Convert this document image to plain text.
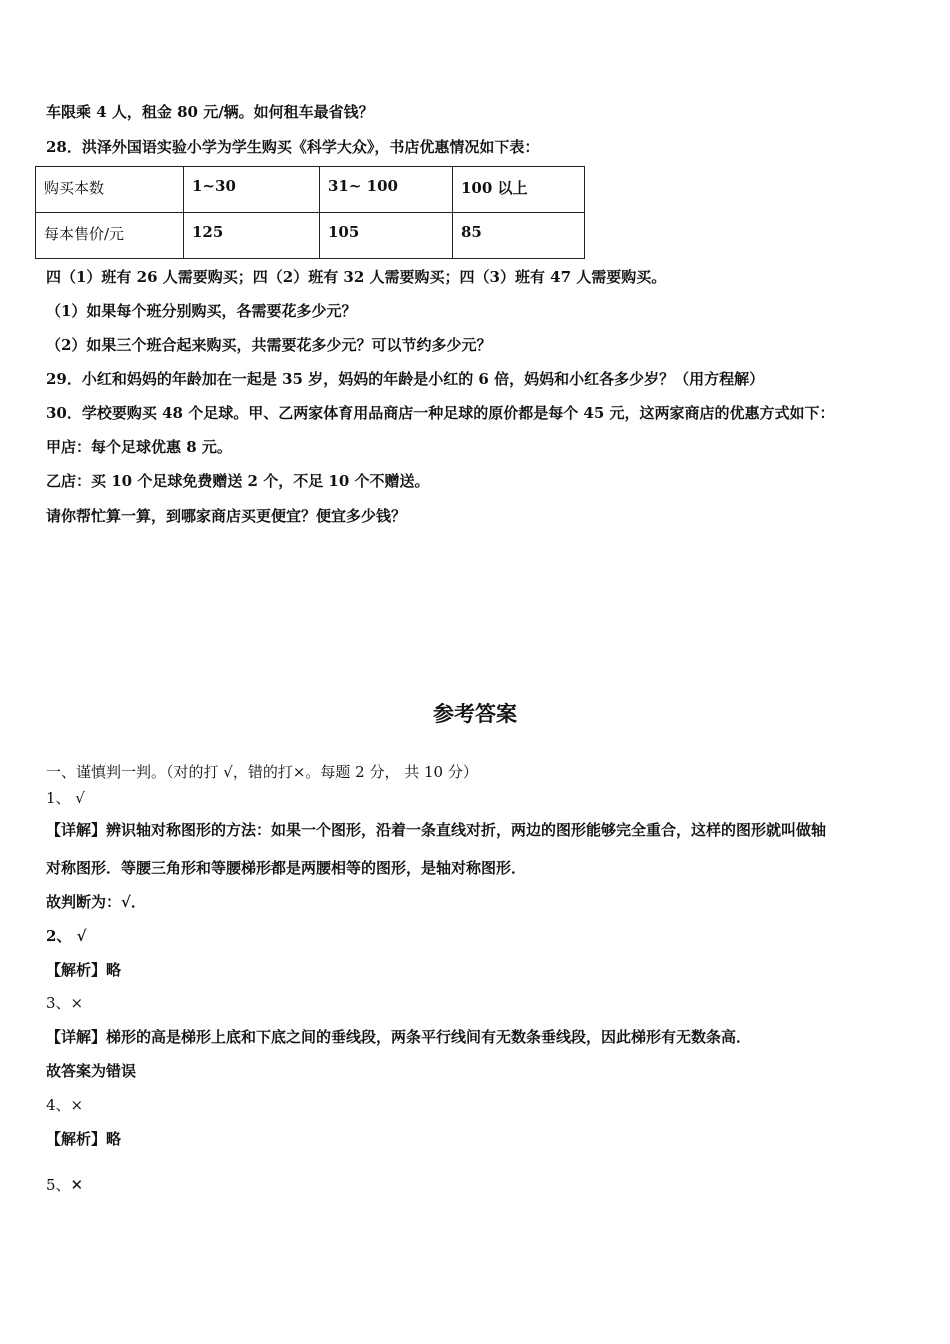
车限乘 4 人，租金 80 元/辆。如何租车最省钱？
28．洪泽外国语实验小学为学生购买《科学大众》，书店优惠情况如下表：
购买本数	1~30	31~ 100	100 以上
每本售价/元	125	105	85
四（1）班有 26 人需要购买；四（2）班有 32 人需要购买；四（3）班有 47 人需要购买。
（1）如果每个班分别购买，各需要花多少元？
（2）如果三个班合起来购买，共需要花多少元？可以节约多少元？
29．小红和妈妈的年龄加在一起是 35 岁，妈妈的年龄是小红的 6 倍，妈妈和小红各多少岁？（用方程解）
30．学校要购买 48 个足球。甲、乙两家体育用品商店一种足球的原价都是每个 45 元，这两家商店的优惠方式如下：
甲店：每个足球优惠 8 元。
乙店：买 10 个足球免费赠送 2 个，不足 10 个不赠送。
请你帮忙算一算，到哪家商店买更便宜？便宜多少钱？
参考答案
一、谨慎判一判。（对的打 √，错的打×。每题 2 分， 共 10 分）
1、 √
【详解】辨识轴对称图形的方法：如果一个图形，沿着一条直线对折，两边的图形能够完全重合，这样的图形就叫做轴
对称图形．等腰三角形和等腰梯形都是两腰相等的图形，是轴对称图形．
故判断为：√．
2、 √
【解析】略
3、×
【详解】梯形的高是梯形上底和下底之间的垂线段，两条平行线间有无数条垂线段，因此梯形有无数条高．
故答案为错误
4、×
【解析】略
5、✕
